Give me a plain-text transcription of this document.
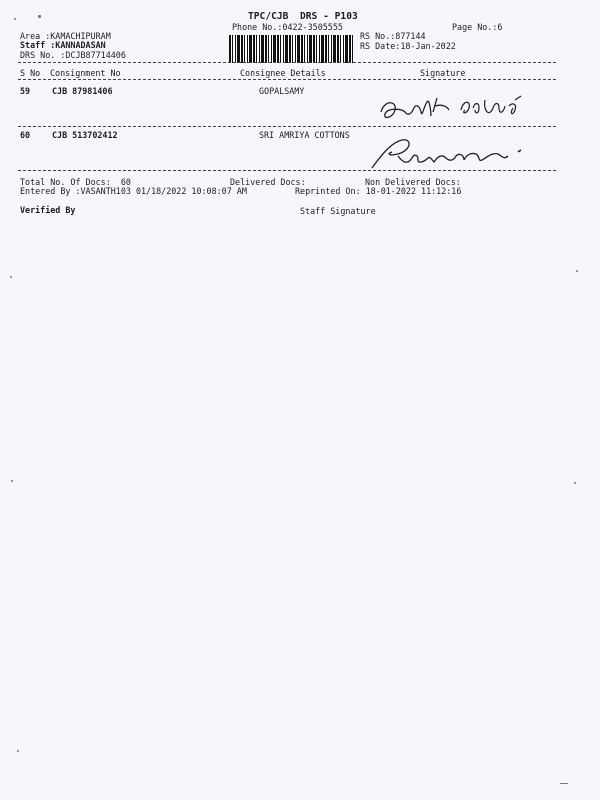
TPC/CJB  DRS - P103
Phone No.:0422-3505555	Page No.:6
Area :KAMACHIPURAM
Staff :KANNADASAN
DRS No. :DCJB87714406
RS No.:877144
RS Date:18-Jan-2022
S No Consignment No	Consignee Details	Signature
59	CJB 87981406	GOPALSAMY
60	CJB 513702412	SRI AMRIYA COTTONS
Total No. Of Docs:  60	Delivered Docs:	Non Delivered Docs:
Entered By :VASANTH103 01/18/2022 10:08:07 AM	Reprinted On: 18-01-2022 11:12:16
Verified By	Staff Signature
